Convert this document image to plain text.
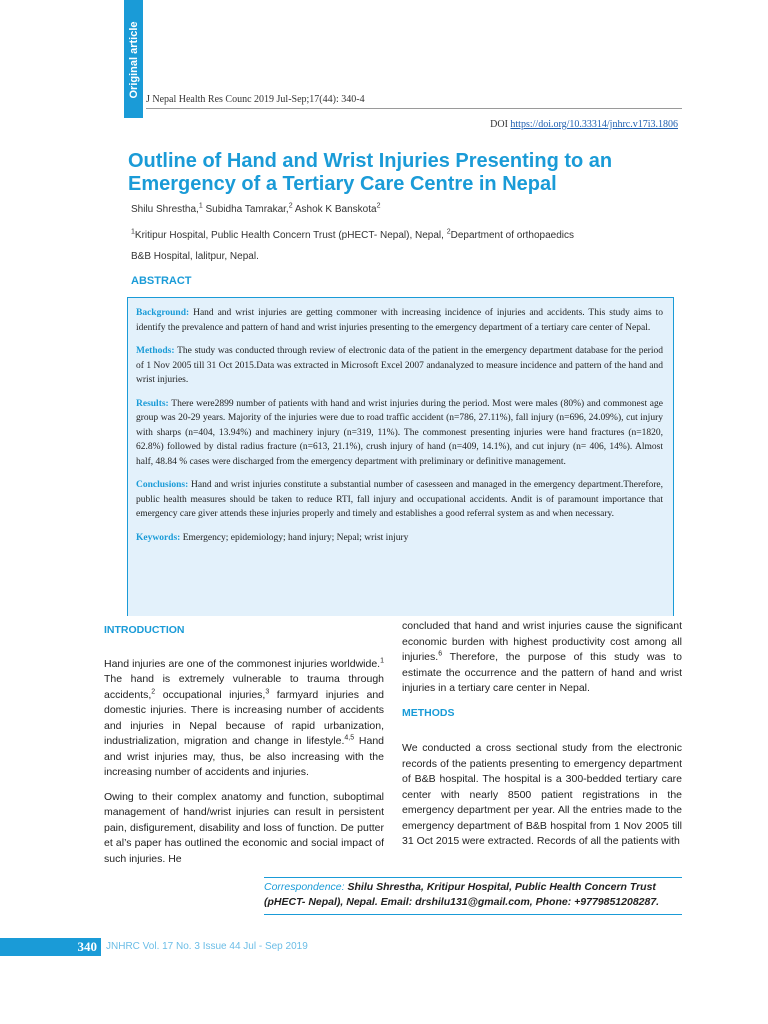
Original article
J Nepal Health Res Counc 2019 Jul-Sep;17(44): 340-4
DOI https://doi.org/10.33314/jnhrc.v17i3.1806
Outline of Hand and Wrist Injuries Presenting to an Emergency of a Tertiary Care Centre in Nepal
Shilu Shrestha,$^1$ Subidha Tamrakar,$^2$ Ashok K Banskota$^2$
$^1$Kritipur Hospital, Public Health Concern Trust (pHECT- Nepal), Nepal, $^2$Department of orthopaedics
B&B Hospital, lalitpur, Nepal.
ABSTRACT

Background: Hand and wrist injuries are getting commoner with increasing incidence of injuries and accidents. This study aims to identify the prevalence and pattern of hand and wrist injuries presenting to the emergency department of a tertiary care center of Nepal.

Methods: The study was conducted through review of electronic data of the patient in the emergency department database for the period of 1 Nov 2005 till 31 Oct 2015.Data was extracted in Microsoft Excel 2007 andanalyzed to measure incidence and pattern of the hand and wrist injuries.

Results: There were2899 number of patients with hand and wrist injuries during the period. Most were males (80%) and commonest age group was 20-29 years. Majority of the injuries were due to road traffic accident (n=786, 27.11%), fall injury (n=696, 24.09%), cut injury with sharps (n=404, 13.94%) and machinery injury (n=319, 11%). The commonest presenting injuries were hand fractures (n=1820, 62.8%) followed by distal radius fracture (n=613, 21.1%), crush injury of hand (n=409, 14.1%), and cut injury (n= 406, 14%). Almost half, 48.84 % cases were discharged from the emergency department with preliminary or definitive management.

Conclusions: Hand and wrist injuries constitute a substantial number of casesseen and managed in the emergency department.Therefore, public health measures should be taken to reduce RTI, fall injury and occupational accidents. Andit is of paramount importance that emergency care giver attends these injuries properly and timely and establishes a good referral system as and when necessary.

Keywords: Emergency; epidemiology; hand injury; Nepal; wrist injury

INTRODUCTION

Hand injuries are one of the commonest injuries worldwide.$^1$ The hand is extremely vulnerable to trauma through accidents,$^2$ occupational injuries,$^3$ farmyard injuries and domestic injuries. There is increasing number of accidents and injuries in Nepal because of rapid urbanization, industrialization, migration and change in lifestyle.$^{4,5}$ Hand and wrist injuries may, thus, be also increasing with the increasing number of accidents and injuries.

Owing to their complex anatomy and function, suboptimal management of hand/wrist injuries can result in persistent pain, disfigurement, disability and loss of function. De putter et al’s paper has outlined the economic and social impact of such injuries. He

concluded that hand and wrist injuries cause the significant economic burden with highest productivity cost among all injuries.$^6$ Therefore, the purpose of this study was to estimate the occurrence and the pattern of hand and wrist injuries in a tertiary care center in Nepal.

METHODS

We conducted a cross sectional study from the electronic records of the patients presenting to emergency department of B&B hospital. The hospital is a 300-bedded tertiary care center with nearly 8500 patient registrations in the emergency department per year. All the entries made to the emergency department of B&B hospital from 1 Nov 2005 till 31 Oct 2015 were extracted. Records of all the patients with

Correspondence: Shilu Shrestha, Kritipur Hospital, Public Health Concern Trust (pHECT- Nepal), Nepal. Email: drshilu131@gmail.com, Phone: +9779851208287.
340 JNHRC Vol. 17 No. 3 Issue 44 Jul - Sep 2019
